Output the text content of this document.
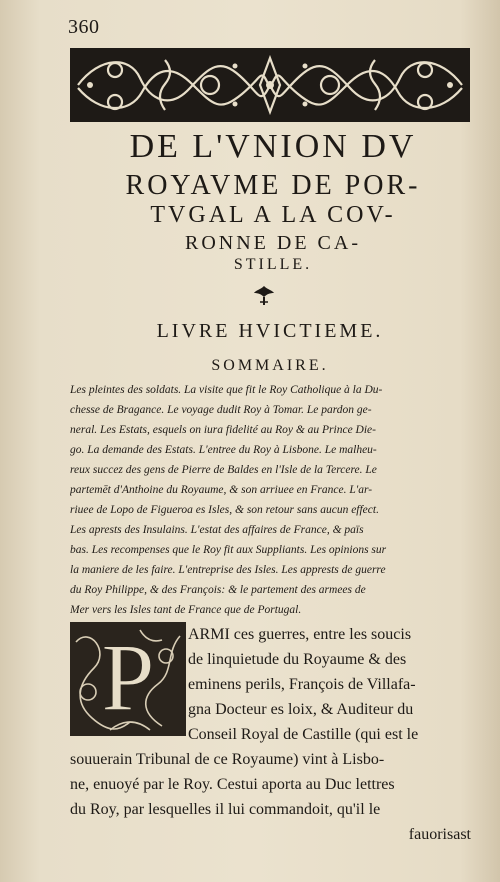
360
DE L'VNION DV
ROYAVME DE POR-
TVGAL A LA COV-
RONNE DE CA-
STILLE.
LIVRE HVICTIEME.
SOMMAIRE.
Les pleintes des soldats. La visite que fit le Roy Catholique à la Du-
chesse de Bragance. Le voyage dudit Roy à Tomar. Le pardon ge-
neral. Les Estats, esquels on iura fidelité au Roy & au Prince Die-
go. La demande des Estats. L'entree du Roy à Lisbone. Le malheu-
reux succez des gens de Pierre de Baldes en l'Isle de la Tercere. Le
partemēt d'Anthoine du Royaume, & son arriuee en France. L'ar-
riuee de Lopo de Figueroa es Isles, & son retour sans aucun effect.
Les aprests des Insulains. L'estat des affaires de France, & païs
bas. Les recompenses que le Roy fit aux Suppliants. Les opinions sur
la maniere de les faire. L'entreprise des Isles. Les apprests de guerre
du Roy Philippe, & des François: & le partement des armees de
Mer vers les Isles tant de France que de Portugal.
P ARMI ces guerres, entre les soucis
de linquietude du Royaume & des
eminens perils, François de Villafa-
gna Docteur es loix, & Auditeur du
Conseil Royal de Castille (qui est le
souuerain Tribunal de ce Royaume) vint à Lisbo-
ne, enuoyé par le Roy. Cestui aporta au Duc lettres
du Roy, par lesquelles il lui commandoit, qu'il le
fauorisast
